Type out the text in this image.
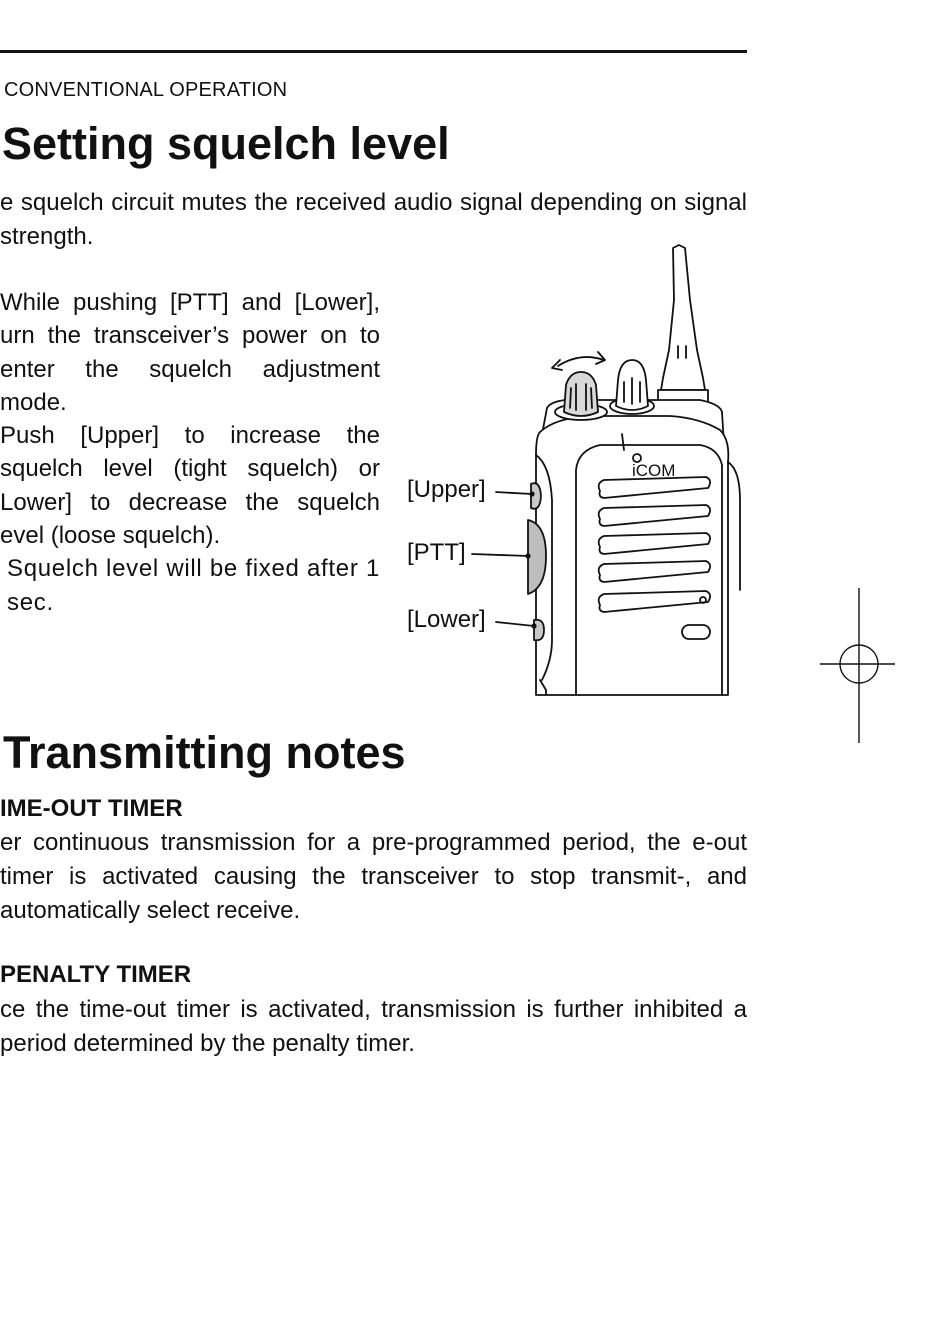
CONVENTIONAL OPERATION
Setting squelch level
e squelch circuit mutes the received audio signal depending on signal strength.

While pushing [PTT] and [Lower], urn the transceiver’s power on to enter the squelch adjustment mode.

Push [Upper] to increase the squelch level (tight squelch) or Lower] to decrease the squelch evel (loose squelch).

Squelch level will be fixed after 1 sec.

iCOM
[Upper]
[PTT]
[Lower]
Transmitting notes
IME-OUT TIMER
er continuous transmission for a pre-programmed period, the e-out timer is activated causing the transceiver to stop transmit-, and automatically select receive.
PENALTY TIMER
ce the time-out timer is activated, transmission is further inhibited a period determined by the penalty timer.
